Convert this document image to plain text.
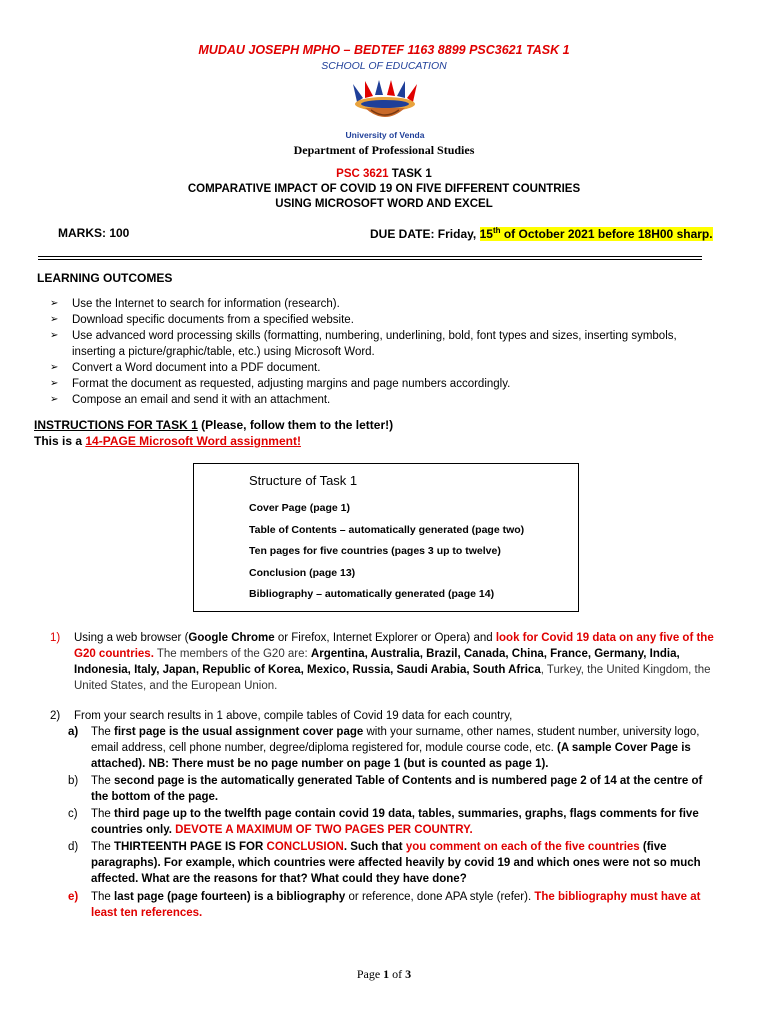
MUDAU JOSEPH MPHO – BEDTEF 1163 8899 PSC3621 TASK 1
SCHOOL OF EDUCATION
University of Venda
Department of Professional Studies
PSC 3621 TASK 1
COMPARATIVE IMPACT OF COVID 19 ON FIVE DIFFERENT COUNTRIES
USING MICROSOFT WORD AND EXCEL
MARKS: 100	DUE DATE: Friday, 15th of October 2021 before 18H00 sharp.
LEARNING OUTCOMES
➢ Use the Internet to search for information (research).
➢ Download specific documents from a specified website.
➢ Use advanced word processing skills (formatting, numbering, underlining, bold, font types and sizes, inserting symbols, inserting a picture/graphic/table, etc.) using Microsoft Word.
➢ Convert a Word document into a PDF document.
➢ Format the document as requested, adjusting margins and page numbers accordingly.
➢ Compose an email and send it with an attachment.
INSTRUCTIONS FOR TASK 1 (Please, follow them to the letter!)
This is a 14-PAGE Microsoft Word assignment!
Structure of Task 1
Cover Page (page 1)
Table of Contents – automatically generated (page two)
Ten pages for five countries (pages 3 up to twelve)
Conclusion (page 13)
Bibliography – automatically generated (page 14)
1) Using a web browser (Google Chrome or Firefox, Internet Explorer or Opera) and look for Covid 19 data on any five of the G20 countries. The members of the G20 are: Argentina, Australia, Brazil, Canada, China, France, Germany, India, Indonesia, Italy, Japan, Republic of Korea, Mexico, Russia, Saudi Arabia, South Africa, Turkey, the United Kingdom, the United States, and the European Union.
2) From your search results in 1 above, compile tables of Covid 19 data for each country,
a) The first page is the usual assignment cover page with your surname, other names, student number, university logo, email address, cell phone number, degree/diploma registered for, module course code, etc. (A sample Cover Page is attached). NB: There must be no page number on page 1 (but is counted as page 1).
b) The second page is the automatically generated Table of Contents and is numbered page 2 of 14 at the centre of the bottom of the page.
c) The third page up to the twelfth page contain covid 19 data, tables, summaries, graphs, flags comments for five countries only. DEVOTE A MAXIMUM OF TWO PAGES PER COUNTRY.
d) The THIRTEENTH PAGE IS FOR CONCLUSION. Such that you comment on each of the five countries (five paragraphs). For example, which countries were affected heavily by covid 19 and which ones were not so much affected. What are the reasons for that? What could they have done?
e) The last page (page fourteen) is a bibliography or reference, done APA style (refer). The bibliography must have at least ten references.
Page 1 of 3
